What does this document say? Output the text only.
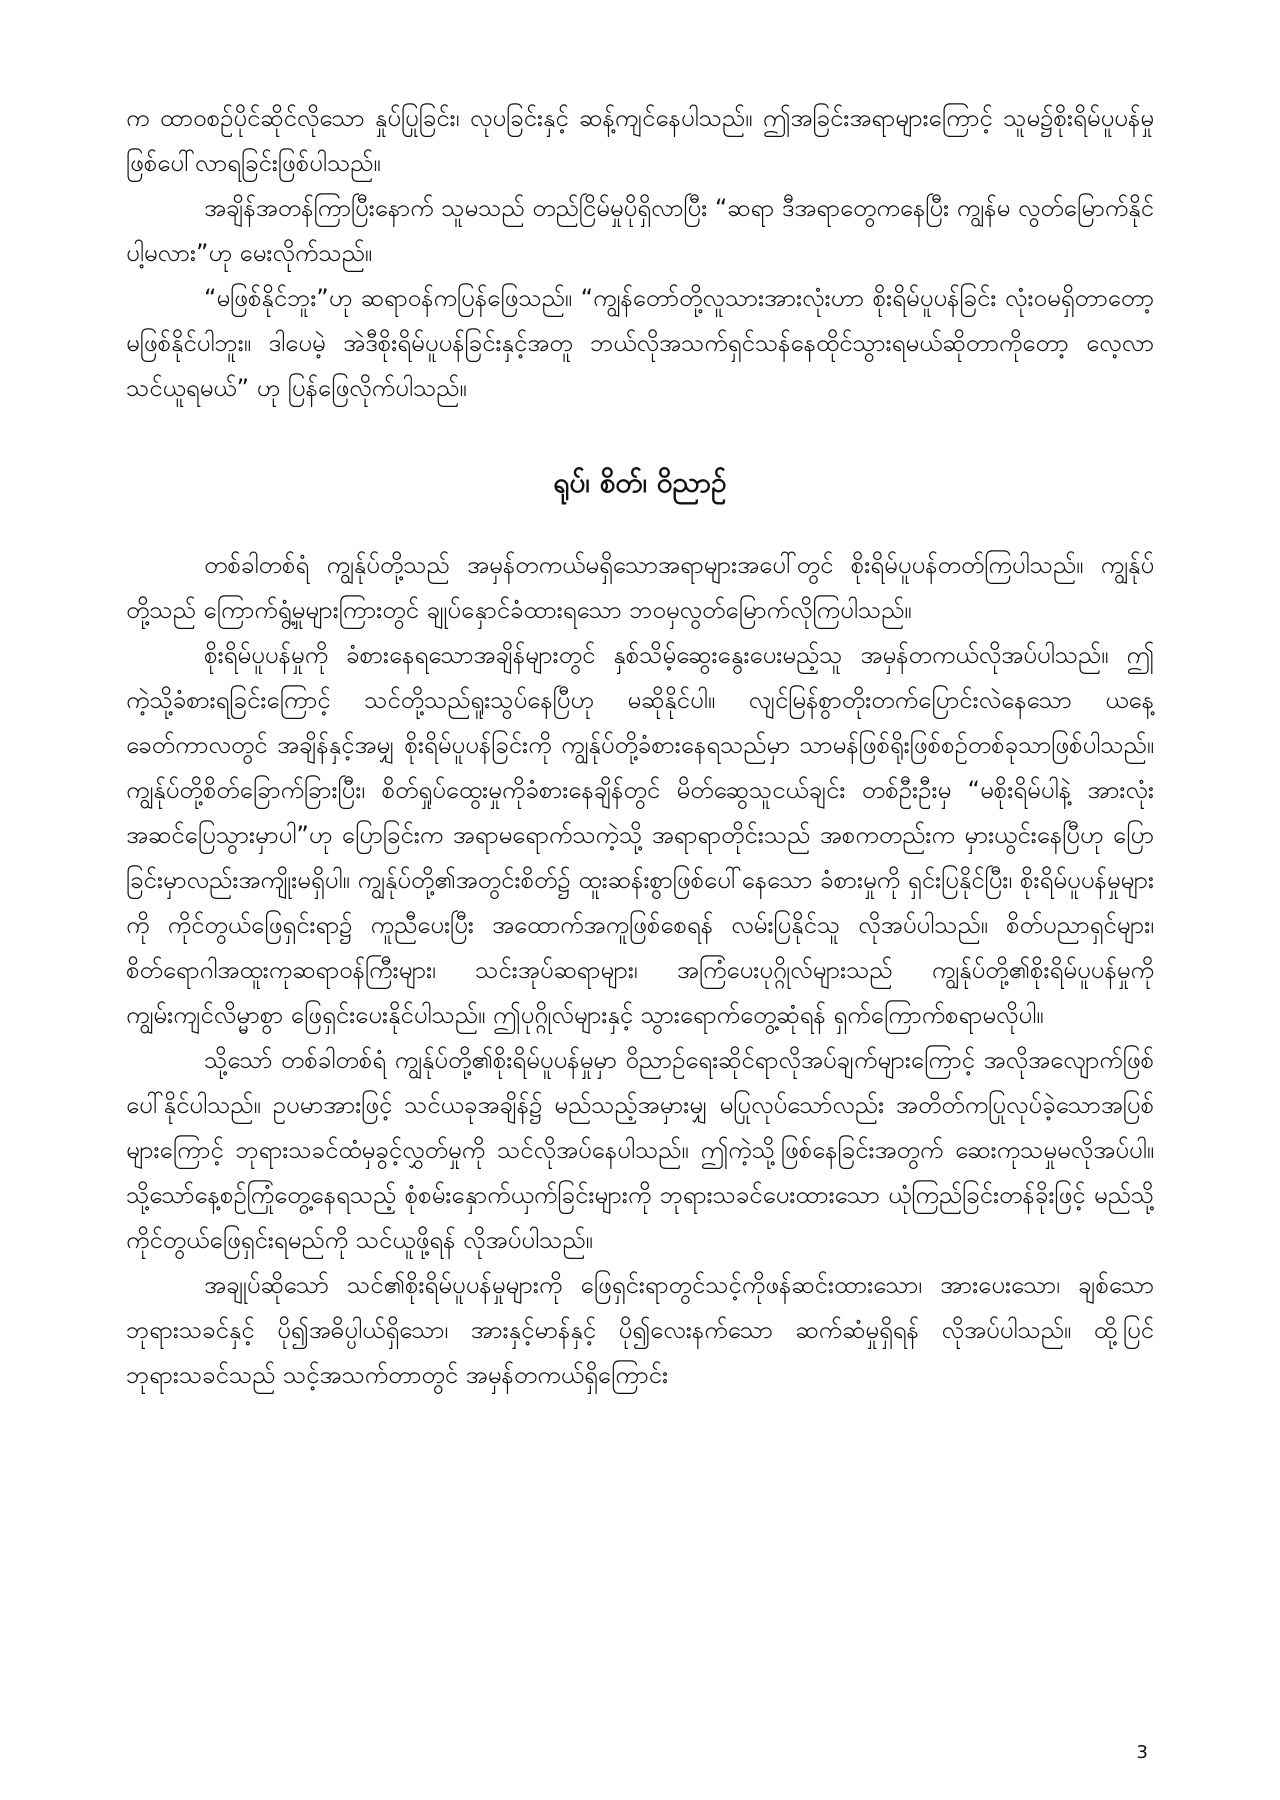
က ထာဝစဉ်ပိုင်ဆိုင်လိုသော နှုပ်ပြုခြင်း၊ လုပခြင်းနှင့် ဆန့်ကျင်နေပါသည်။ ဤအခြင်းအရာများကြောင့် သူမ၌စိုးရိမ်ပူပန်မှု ဖြစ်ပေါ်လာရခြင်းဖြစ်ပါသည်။

အချိန်အတန်ကြာပြီးနောက် သူမသည် တည်ငြိမ်မှုပိုရှိလာပြီး “ဆရာ ဒီအရာတွေကနေပြီး ကျွန်မ လွတ်မြောက်နိုင်ပါ့မလား”ဟု မေးလိုက်သည်။

“မဖြစ်နိုင်ဘူး”ဟု ဆရာဝန်ကပြန်ဖြေသည်။ “ကျွန်တော်တို့လူသားအားလုံးဟာ စိုးရိမ်ပူပန်ခြင်း လုံးဝမရှိတာတော့မဖြစ်နိုင်ပါဘူး။ ဒါပေမဲ့ အဲဒီစိုးရိမ်ပူပန်ခြင်းနှင့်အတူ ဘယ်လိုအသက်ရှင်သန်နေထိုင်သွားရမယ်ဆိုတာကိုတော့ လေ့လာသင်ယူရမယ်” ဟု ပြန်ဖြေလိုက်ပါသည်။

ရုပ်၊ စိတ်၊ ဝိညာဉ်

တစ်ခါတစ်ရံ ကျွန်ုပ်တို့သည် အမှန်တကယ်မရှိသောအရာများအပေါ်တွင် စိုးရိမ်ပူပန်တတ်ကြပါသည်။ ကျွန်ုပ်တို့သည် ကြောက်ရွံ့မှုများကြားတွင် ချုပ်နှောင်ခံထားရသော ဘဝမှလွတ်မြောက်လိုကြပါသည်။

စိုးရိမ်ပူပန်မှုကို ခံစားနေရသောအချိန်များတွင် နှစ်သိမ့်ဆွေးနွေးပေးမည့်သူ အမှန်တကယ်လိုအပ်ပါသည်။ ဤကဲ့သို့ခံစားရခြင်းကြောင့် သင်တို့သည်ရူးသွပ်နေပြီဟု မဆိုနိုင်ပါ။ လျင်မြန်စွာတိုးတက်ပြောင်းလဲနေသော ယနေ့ခေတ်ကာလတွင် အချိန်နှင့်အမျှ စိုးရိမ်ပူပန်ခြင်းကို ကျွန်ုပ်တို့ခံစားနေရသည်မှာ သာမန်ဖြစ်ရိုးဖြစ်စဉ်တစ်ခုသာဖြစ်ပါသည်။ ကျွန်ုပ်တို့စိတ်ခြောက်ခြားပြီး၊ စိတ်ရှုပ်ထွေးမှုကိုခံစားနေချိန်တွင် မိတ်ဆွေသူငယ်ချင်း တစ်ဦးဦးမှ “မစိုးရိမ်ပါနဲ့ အားလုံးအဆင်ပြေသွားမှာပါ”ဟု ပြောခြင်းက အရာမရောက်သကဲ့သို့ အရာရာတိုင်းသည် အစကတည်းက မှားယွင်းနေပြီဟု ပြောခြင်းမှာလည်းအကျိုးမရှိပါ။ ကျွန်ုပ်တို့၏အတွင်းစိတ်၌ ထူးဆန်းစွာဖြစ်ပေါ်နေသော ခံစားမှုကို ရှင်းပြနိုင်ပြီး၊ စိုးရိမ်ပူပန်မှုများကို ကိုင်တွယ်ဖြေရှင်းရာ၌ ကူညီပေးပြီး အထောက်အကူဖြစ်စေရန် လမ်းပြနိုင်သူ လိုအပ်ပါသည်။ စိတ်ပညာရှင်များ၊ စိတ်ရောဂါအထူးကုဆရာဝန်ကြီးများ၊ သင်းအုပ်ဆရာများ၊ အကြံပေးပုဂ္ဂိုလ်များသည် ကျွန်ုပ်တို့၏စိုးရိမ်ပူပန်မှုကို ကျွမ်းကျင်လိမ္မာစွာ ဖြေရှင်းပေးနိုင်ပါသည်။ ဤပုဂ္ဂိုလ်များနှင့် သွားရောက်တွေ့ဆုံရန် ရှက်ကြောက်စရာမလိုပါ။

သို့သော် တစ်ခါတစ်ရံ ကျွန်ုပ်တို့၏စိုးရိမ်ပူပန်မှုမှာ ဝိညာဉ်ရေးဆိုင်ရာလိုအပ်ချက်များကြောင့် အလိုအလျောက်ဖြစ်ပေါ်နိုင်ပါသည်။ ဥပမာအားဖြင့် သင်ယခုအချိန်၌ မည်သည့်အမှားမျှ မပြုလုပ်သော်လည်း အတိတ်ကပြုလုပ်ခဲ့သောအပြစ်များကြောင့် ဘုရားသခင်ထံမှခွင့်လွှတ်မှုကို သင်လိုအပ်နေပါသည်။ ဤကဲ့သို့ဖြစ်နေခြင်းအတွက် ဆေးကုသမှုမလိုအပ်ပါ။ သို့သော်နေ့စဉ်ကြုံတွေ့နေရသည့် စုံစမ်းနှောက်ယှက်ခြင်းများကို ဘုရားသခင်ပေးထားသော ယုံကြည်ခြင်းတန်ခိုးဖြင့် မည်သို့ကိုင်တွယ်ဖြေရှင်းရမည်ကို သင်ယူဖို့ရန် လိုအပ်ပါသည်။

အချုပ်ဆိုသော် သင်၏စိုးရိမ်ပူပန်မှုများကို ဖြေရှင်းရာတွင်သင့်ကိုဖန်ဆင်းထားသော၊ အားပေးသော၊ ချစ်သောဘုရားသခင်နှင့် ပို၍အဓိပ္ပါယ်ရှိသော၊ အားနှင့်မာန်နှင့် ပို၍လေးနက်သော ဆက်ဆံမှုရှိရန် လိုအပ်ပါသည်။ ထို့ပြင် ဘုရားသခင်သည် သင့်အသက်တာတွင် အမှန်တကယ်ရှိကြောင်း

3
